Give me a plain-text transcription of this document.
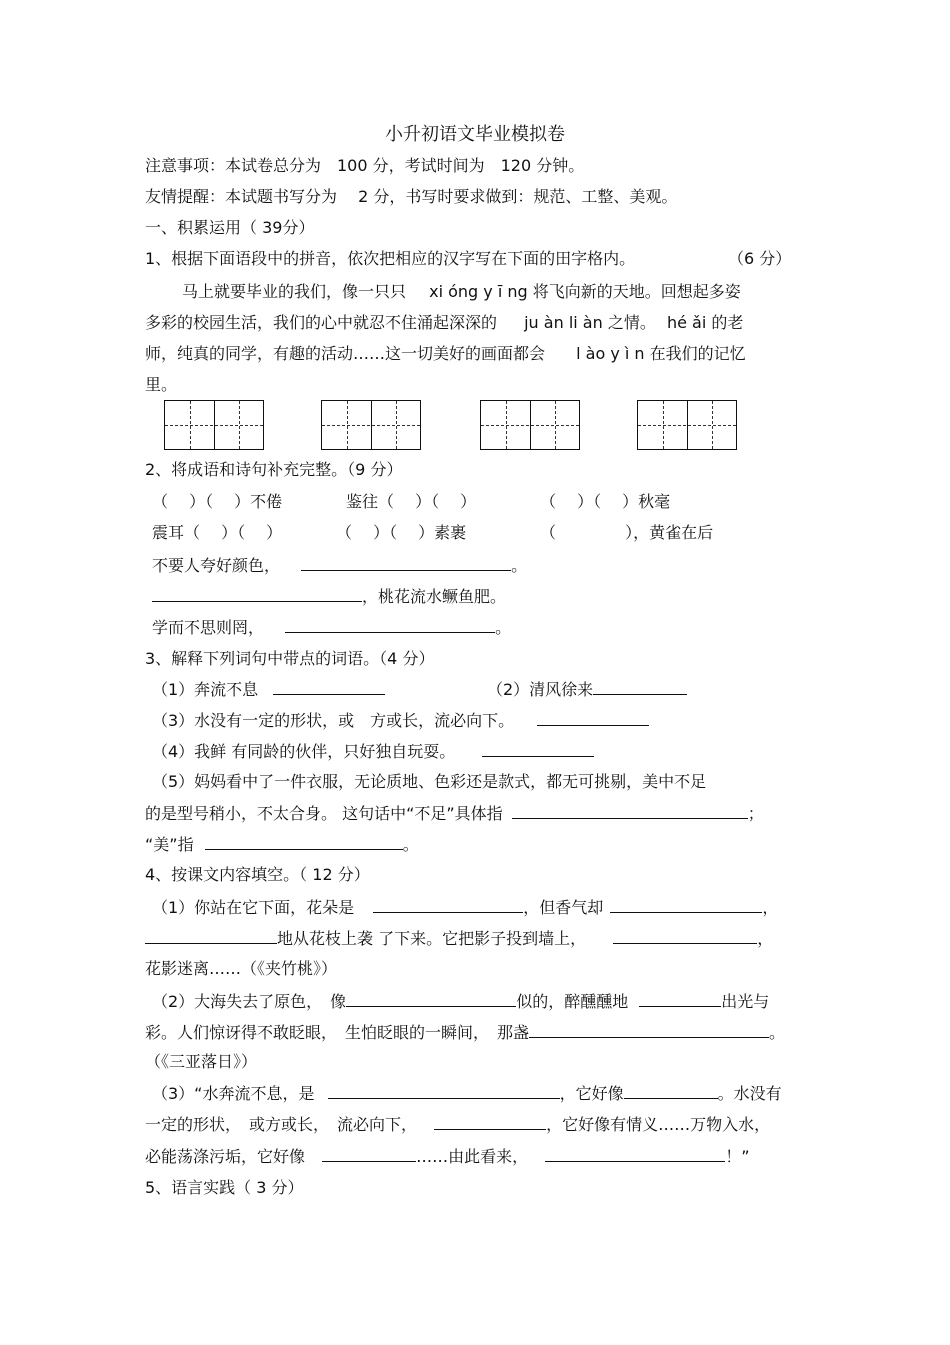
小升初语文毕业模拟卷
注意事项：本试卷总分为　100 分，考试时间为　120 分钟。
友情提醒：本试题书写分为　 2 分，书写时要求做到：规范、工整、美观。
一、积累运用（ 39分）
1、根据下面语段中的拼音，依次把相应的汉字写在下面的田字格内。	（6 分）
马上就要毕业的我们，像一只只 xi óng y ī ng 将飞向新的天地。回想起多姿
多彩的校园生活，我们的心中就忍不住涌起深深的 ju àn li àn 之情。 hé ǎi 的老
师，纯真的同学，有趣的活动……这一切美好的画面都会 l ào y ì n 在我们的记忆
里。
2、将成语和诗句补充完整。（9 分）
（　 ）（　 ）不倦	鉴往（　 ）（　 ）	（　 ）（　 ）秋毫
震耳（　 ）（　 ）	（　 ）（　 ）素裹	（　　　　 ），黄雀在后
不要人夸好颜色，	。
，桃花流水鳜鱼肥。
学而不思则罔，	。
3、解释下列词句中带点的词语。（4 分）
（1）奔流不息	（2）清风徐来
（3）水没有一定的形状，或　方或长，流必向下。
（4）我鲜 有同龄的伙伴，只好独自玩耍。
（5）妈妈看中了一件衣服，无论质地、色彩还是款式，都无可挑剔，美中不足
的是型号稍小，不太合身。 这句话中“不足”具体指	；
“美”指	。
4、按课文内容填空。（ 12 分）
（1）你站在它下面，花朵是	，但香气却	，
地从花枝上袭 了下来。它把影子投到墙上，	，
花影迷离……（《夹竹桃》）
（2）大海失去了原色，　像	似的，醉醺醺地	出光与
彩。人们惊讶得不敢眨眼，　生怕眨眼的一瞬间，　那盏	。
（《三亚落日》）
（3）“水奔流不息，是	，它好像	。水没有
一定的形状，　或方或长，　流必向下，	，它好像有情义……万物入水，
必能荡涤污垢，它好像	……由此看来，	！”
5、语言实践（ 3 分）
